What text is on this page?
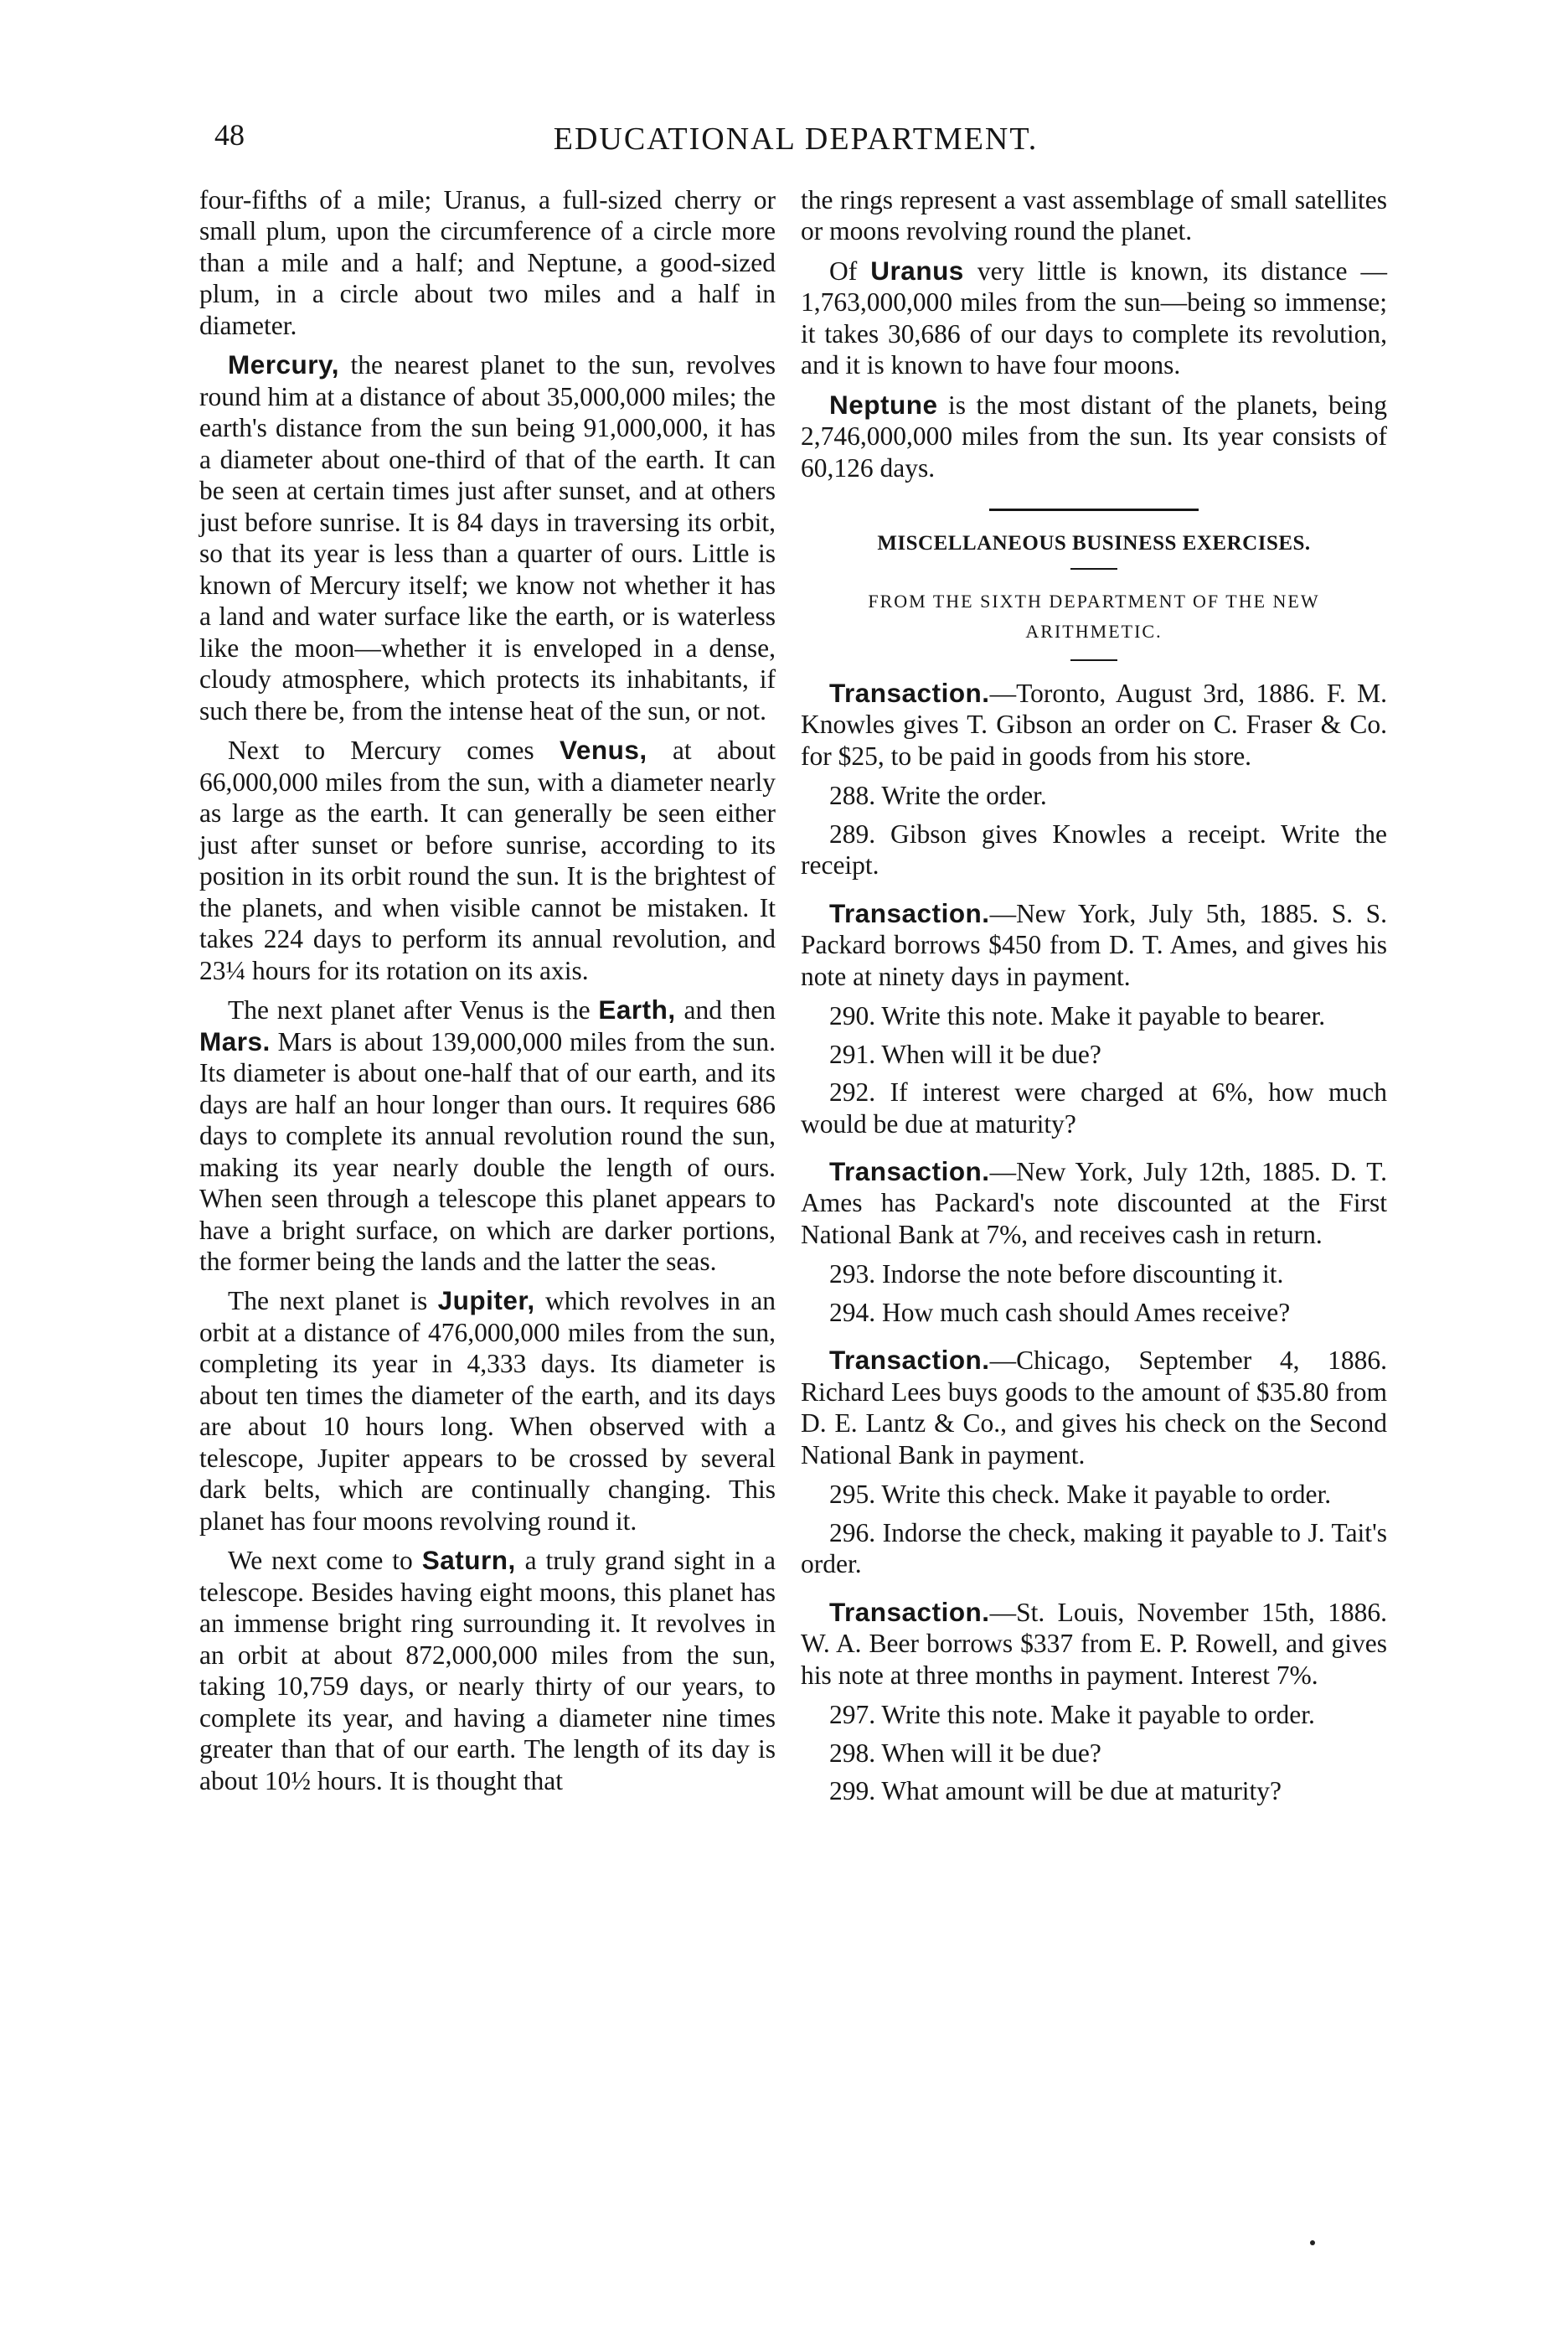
48	EDUCATIONAL DEPARTMENT.

four-fifths of a mile; Uranus, a full-sized cherry or small plum, upon the circumference of a circle more than a mile and a half; and Neptune, a good-sized plum, in a circle about two miles and a half in diameter.

Mercury, the nearest planet to the sun, revolves round him at a distance of about 35,000,000 miles; the earth's distance from the sun being 91,000,000, it has a diameter about one-third of that of the earth. It can be seen at certain times just after sunset, and at others just before sunrise. It is 84 days in traversing its orbit, so that its year is less than a quarter of ours. Little is known of Mercury itself; we know not whether it has a land and water surface like the earth, or is waterless like the moon—whether it is enveloped in a dense, cloudy atmosphere, which protects its inhabitants, if such there be, from the intense heat of the sun, or not.

Next to Mercury comes Venus, at about 66,000,000 miles from the sun, with a diameter nearly as large as the earth. It can generally be seen either just after sunset or before sunrise, according to its position in its orbit round the sun. It is the brightest of the planets, and when visible cannot be mistaken. It takes 224 days to perform its annual revolution, and 23¼ hours for its rotation on its axis.

The next planet after Venus is the Earth, and then Mars. Mars is about 139,000,000 miles from the sun. Its diameter is about one-half that of our earth, and its days are half an hour longer than ours. It requires 686 days to complete its annual revolution round the sun, making its year nearly double the length of ours. When seen through a telescope this planet appears to have a bright surface, on which are darker portions, the former being the lands and the latter the seas.

The next planet is Jupiter, which revolves in an orbit at a distance of 476,000,000 miles from the sun, completing its year in 4,333 days. Its diameter is about ten times the diameter of the earth, and its days are about 10 hours long. When observed with a telescope, Jupiter appears to be crossed by several dark belts, which are continually changing. This planet has four moons revolving round it.

We next come to Saturn, a truly grand sight in a telescope. Besides having eight moons, this planet has an immense bright ring surrounding it. It revolves in an orbit at about 872,000,000 miles from the sun, taking 10,759 days, or nearly thirty of our years, to complete its year, and having a diameter nine times greater than that of our earth. The length of its day is about 10½ hours. It is thought that

the rings represent a vast assemblage of small satellites or moons revolving round the planet.

Of Uranus very little is known, its distance —1,763,000,000 miles from the sun—being so immense; it takes 30,686 of our days to complete its revolution, and it is known to have four moons.

Neptune is the most distant of the planets, being 2,746,000,000 miles from the sun. Its year consists of 60,126 days.

MISCELLANEOUS BUSINESS EXERCISES.
FROM THE SIXTH DEPARTMENT OF THE NEW ARITHMETIC.

Transaction.—Toronto, August 3rd, 1886. F. M. Knowles gives T. Gibson an order on C. Fraser & Co. for $25, to be paid in goods from his store.

288. Write the order.

289. Gibson gives Knowles a receipt. Write the receipt.

Transaction.—New York, July 5th, 1885. S. S. Packard borrows $450 from D. T. Ames, and gives his note at ninety days in payment.

290. Write this note. Make it payable to bearer.

291. When will it be due?

292. If interest were charged at 6%, how much would be due at maturity?

Transaction.—New York, July 12th, 1885. D. T. Ames has Packard's note discounted at the First National Bank at 7%, and receives cash in return.

293. Indorse the note before discounting it.

294. How much cash should Ames receive?

Transaction.—Chicago, September 4, 1886. Richard Lees buys goods to the amount of $35.80 from D. E. Lantz & Co., and gives his check on the Second National Bank in payment.

295. Write this check. Make it payable to order.

296. Indorse the check, making it payable to J. Tait's order.

Transaction.—St. Louis, November 15th, 1886. W. A. Beer borrows $337 from E. P. Rowell, and gives his note at three months in payment. Interest 7%.

297. Write this note. Make it payable to order.

298. When will it be due?

299. What amount will be due at maturity?
